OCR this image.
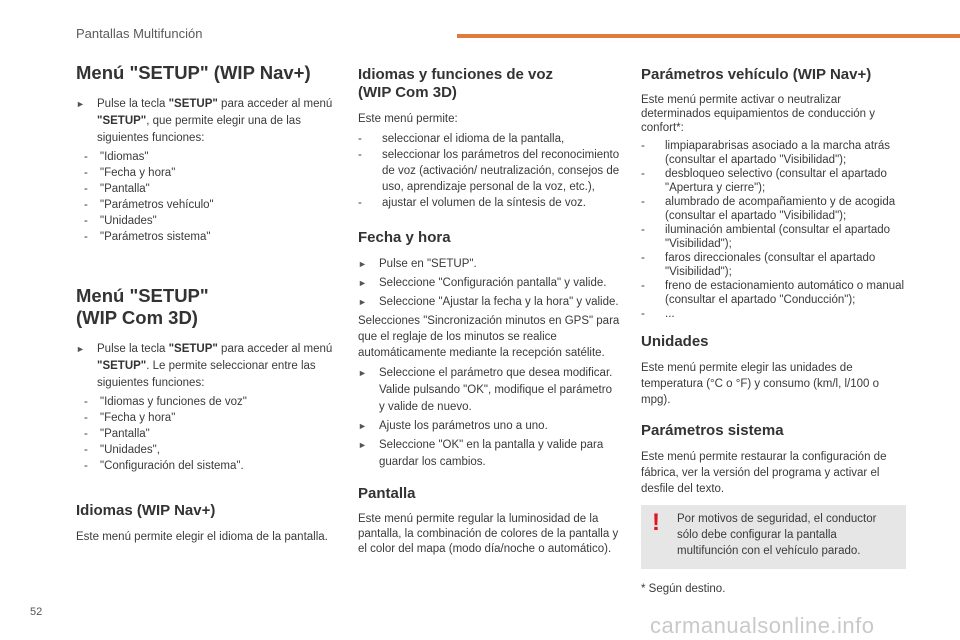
Pantallas Multifunción
Menú "SETUP" (WIP Nav+)
► Pulse la tecla "SETUP" para acceder al menú "SETUP", que permite elegir una de las siguientes funciones:
- "Idiomas"
- "Fecha y hora"
- "Pantalla"
- "Parámetros vehículo"
- "Unidades"
- "Parámetros sistema"
Menú "SETUP"
(WIP Com 3D)
► Pulse la tecla "SETUP" para acceder al menú "SETUP". Le permite seleccionar entre las siguientes funciones:
- "Idiomas y funciones de voz"
- "Fecha y hora"
- "Pantalla"
- "Unidades",
- "Configuración del sistema".
Idiomas (WIP Nav+)

Este menú permite elegir el idioma de la pantalla.

Idiomas y funciones de voz
(WIP Com 3D)

Este menú permite:

- seleccionar el idioma de la pantalla,
- seleccionar los parámetros del reconocimiento de voz (activación/ neutralización, consejos de uso, aprendizaje personal de la voz, etc.),
- ajustar el volumen de la síntesis de voz.
Fecha y hora
► Pulse en "SETUP".
► Seleccione "Configuración pantalla" y valide.
► Seleccione "Ajustar la fecha y la hora" y valide.

Selecciones "Sincronización minutos en GPS" para que el reglaje de los minutos se realice automáticamente mediante la recepción satélite.

► Seleccione el parámetro que desea modificar. Valide pulsando "OK", modifique el parámetro y valide de nuevo.
► Ajuste los parámetros uno a uno.
► Seleccione "OK" en la pantalla y valide para guardar los cambios.
Pantalla

Este menú permite regular la luminosidad de la pantalla, la combinación de colores de la pantalla y el color del mapa (modo día/noche o automático).

Parámetros vehículo (WIP Nav+)

Este menú permite activar o neutralizar determinados equipamientos de conducción y confort*:

- limpiaparabrisas asociado a la marcha atrás (consultar el apartado "Visibilidad");
- desbloqueo selectivo (consultar el apartado "Apertura y cierre");
- alumbrado de acompañamiento y de acogida (consultar el apartado "Visibilidad");
- iluminación ambiental (consultar el apartado "Visibilidad");
- faros direccionales (consultar el apartado "Visibilidad");
- freno de estacionamiento automático o manual (consultar el apartado "Conducción");
- ...
Unidades

Este menú permite elegir las unidades de temperatura (°C o °F) y consumo (km/l, l/100 o mpg).

Parámetros sistema

Este menú permite restaurar la configuración de fábrica, ver la versión del programa y activar el desfile del texto.

! Por motivos de seguridad, el conductor sólo debe configurar la pantalla multifunción con el vehículo parado.

* Según destino.

52
carmanualsonline.info
